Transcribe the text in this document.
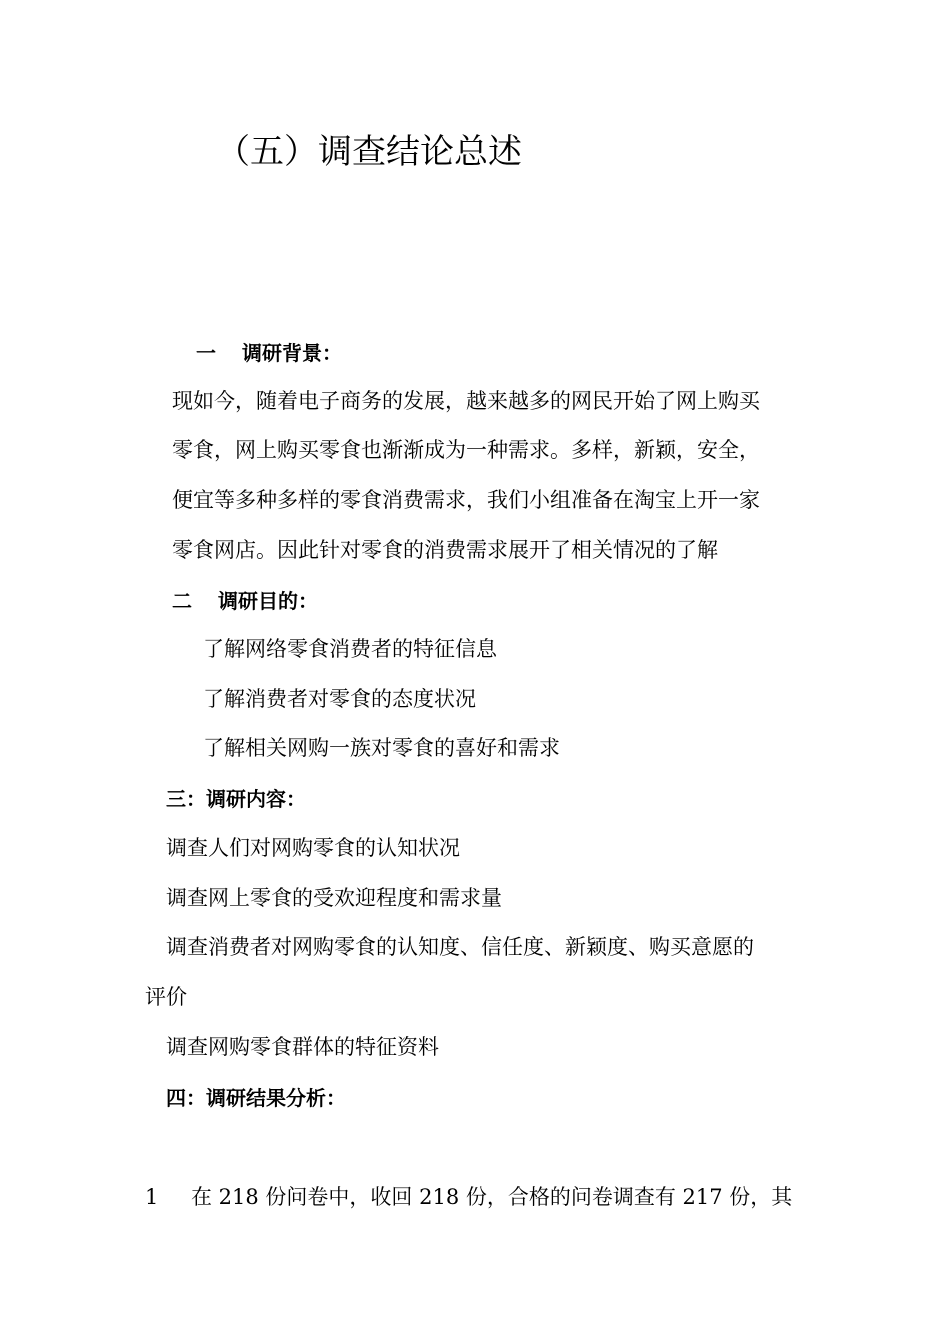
（五）调查结论总述
一 调研背景：
现如今，随着电子商务的发展，越来越多的网民开始了网上购买
零食，网上购买零食也渐渐成为一种需求。多样，新颖，安全，
便宜等多种多样的零食消费需求，我们小组准备在淘宝上开一家
零食网店。因此针对零食的消费需求展开了相关情况的了解
二 调研目的：
了解网络零食消费者的特征信息
了解消费者对零食的态度状况
了解相关网购一族对零食的喜好和需求
三：调研内容：
调查人们对网购零食的认知状况
调查网上零食的受欢迎程度和需求量
调查消费者对网购零食的认知度、信任度、新颖度、购买意愿的
评价
调查网购零食群体的特征资料
四：调研结果分析：
1 在 218 份问卷中，收回 218 份，合格的问卷调查有 217 份，其
